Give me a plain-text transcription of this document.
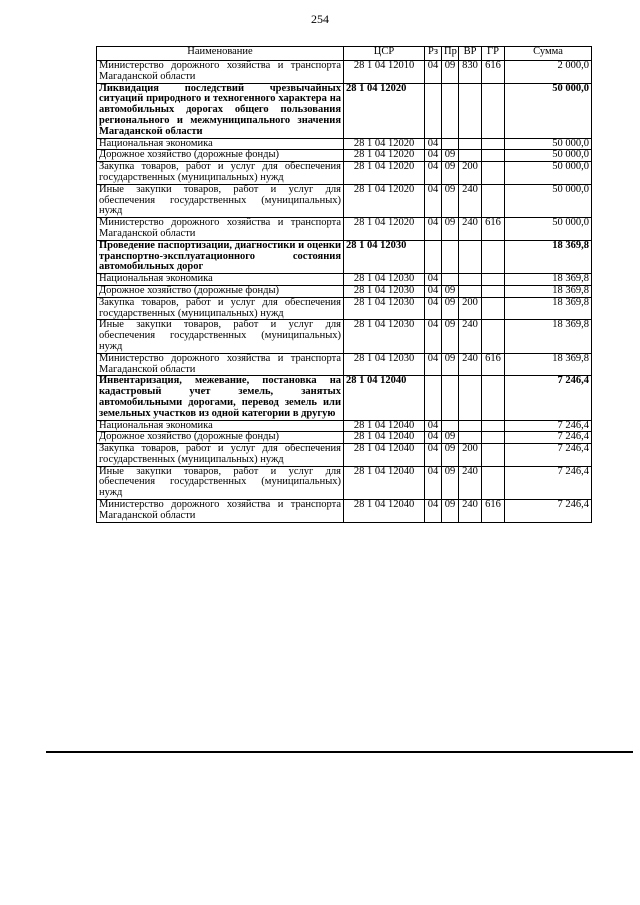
254
Наименование	ЦСР	Рз	Пр	ВР	ГР	Сумма
Министерство дорожного хозяйства и транспорта Магаданской области	28 1 04 12010	04	09	830	616	2 000,0
Ликвидация последствий чрезвычайных ситуаций природного и техногенного характера на автомобильных дорогах общего пользования регионального и межмуниципального значения Магаданской области	28 1 04 12020					50 000,0
Национальная экономика	28 1 04 12020	04				50 000,0
Дорожное хозяйство (дорожные фонды)	28 1 04 12020	04	09			50 000,0
Закупка товаров, работ и услуг для обеспечения государственных (муниципальных) нужд	28 1 04 12020	04	09	200		50 000,0
Иные закупки товаров, работ и услуг для обеспечения государственных (муниципальных) нужд	28 1 04 12020	04	09	240		50 000,0
Министерство дорожного хозяйства и транспорта Магаданской области	28 1 04 12020	04	09	240	616	50 000,0
Проведение паспортизации, диагностики и оценки транспортно-эксплуатационного состояния автомобильных дорог	28 1 04 12030					18 369,8
Национальная экономика	28 1 04 12030	04				18 369,8
Дорожное хозяйство (дорожные фонды)	28 1 04 12030	04	09			18 369,8
Закупка товаров, работ и услуг для обеспечения государственных (муниципальных) нужд	28 1 04 12030	04	09	200		18 369,8
Иные закупки товаров, работ и услуг для обеспечения государственных (муниципальных) нужд	28 1 04 12030	04	09	240		18 369,8
Министерство дорожного хозяйства и транспорта Магаданской области	28 1 04 12030	04	09	240	616	18 369,8
Инвентаризация, межевание, постановка на кадастровый учет земель, занятых автомобильными дорогами, перевод земель или земельных участков из одной категории в другую	28 1 04 12040					7 246,4
Национальная экономика	28 1 04 12040	04				7 246,4
Дорожное хозяйство (дорожные фонды)	28 1 04 12040	04	09			7 246,4
Закупка товаров, работ и услуг для обеспечения государственных (муниципальных) нужд	28 1 04 12040	04	09	200		7 246,4
Иные закупки товаров, работ и услуг для обеспечения государственных (муниципальных) нужд	28 1 04 12040	04	09	240		7 246,4
Министерство дорожного хозяйства и транспорта Магаданской области	28 1 04 12040	04	09	240	616	7 246,4
